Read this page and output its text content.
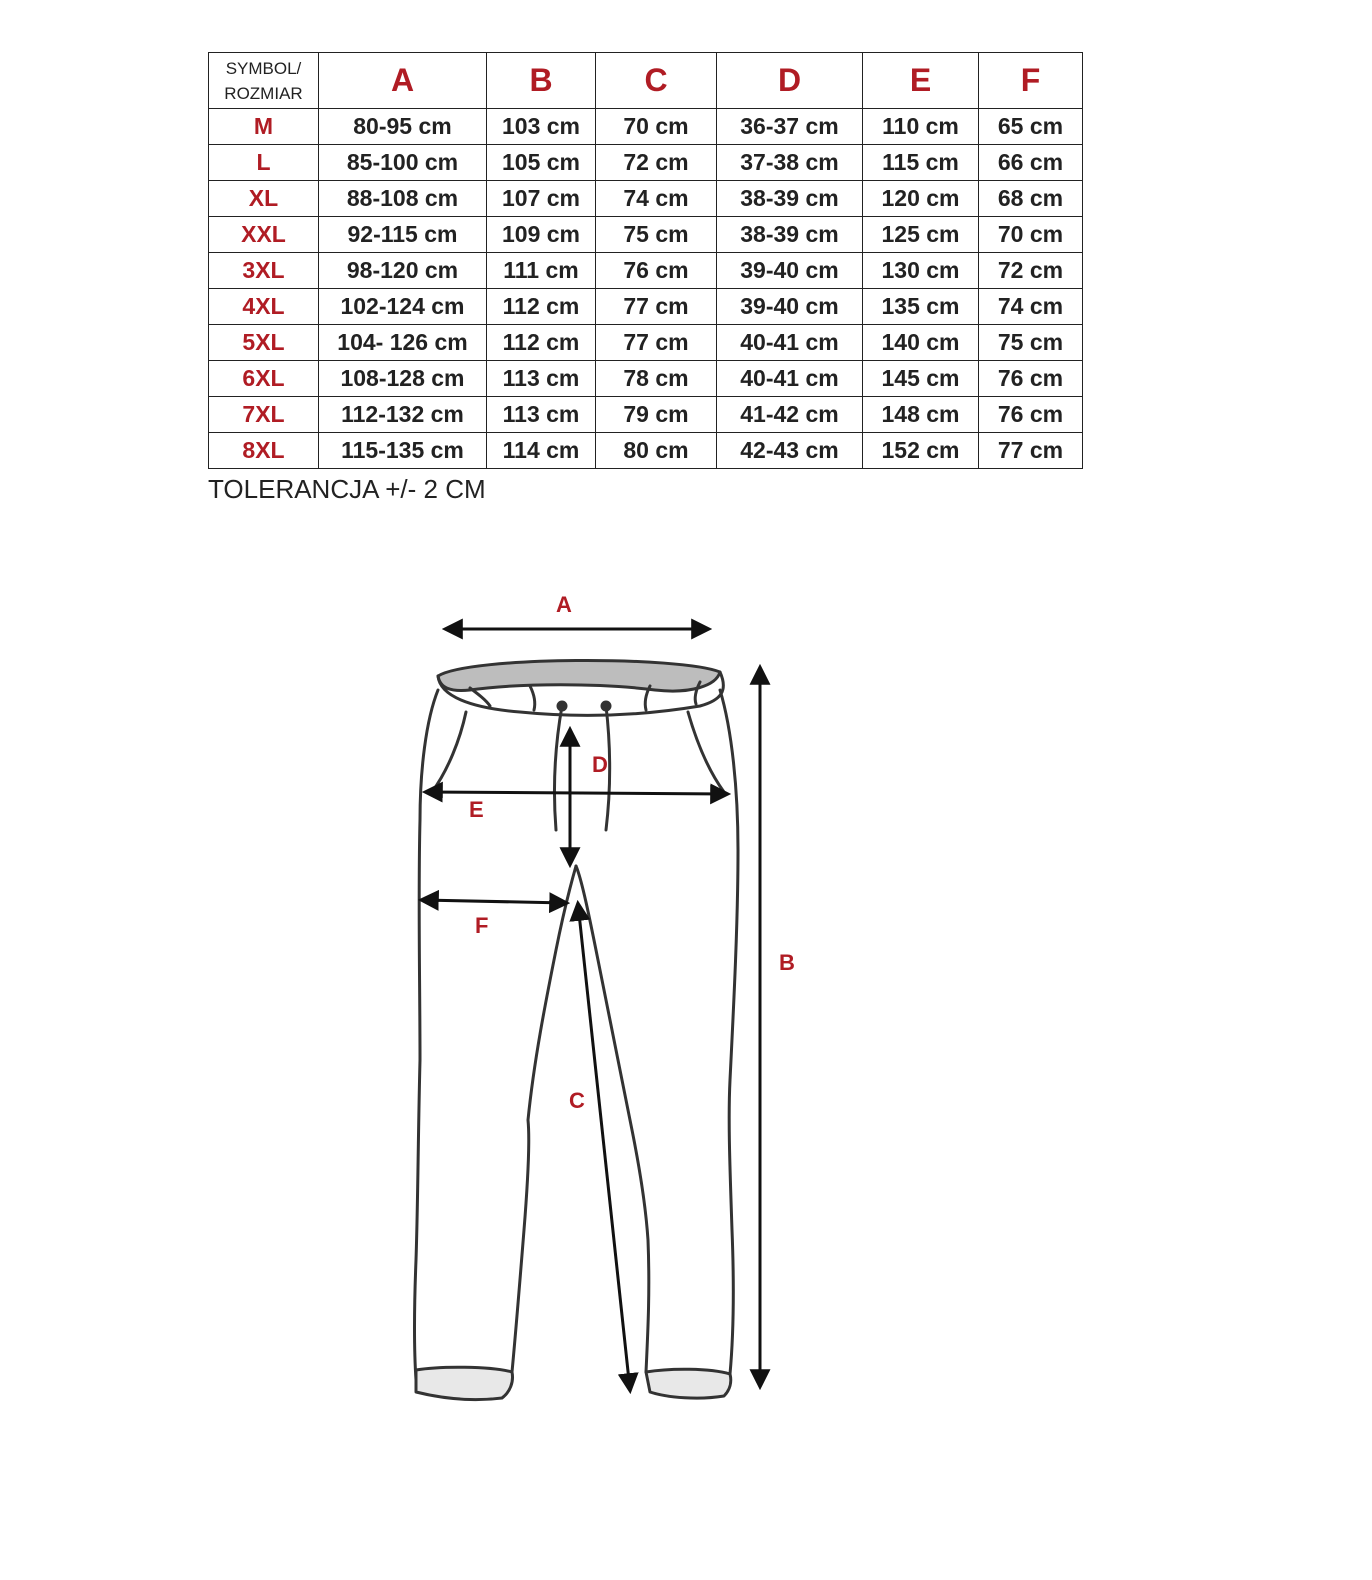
SYMBOL/
ROZMIAR	A	B	C	D	E	F
M	80-95 cm	103 cm	70 cm	36-37 cm	110 cm	65 cm
L	85-100 cm	105 cm	72 cm	37-38 cm	115 cm	66 cm
XL	88-108 cm	107 cm	74 cm	38-39 cm	120 cm	68 cm
XXL	92-115 cm	109 cm	75 cm	38-39 cm	125 cm	70 cm
3XL	98-120 cm	111 cm	76 cm	39-40 cm	130 cm	72 cm
4XL	102-124 cm	112 cm	77 cm	39-40 cm	135 cm	74 cm
5XL	104- 126 cm	112 cm	77 cm	40-41 cm	140 cm	75 cm
6XL	108-128 cm	113 cm	78 cm	40-41 cm	145 cm	76 cm
7XL	112-132 cm	113 cm	79 cm	41-42 cm	148 cm	76 cm
8XL	115-135 cm	114 cm	80 cm	42-43 cm	152 cm	77 cm
TOLERANCJA +/- 2 CM
A
B
C
D
E
F
